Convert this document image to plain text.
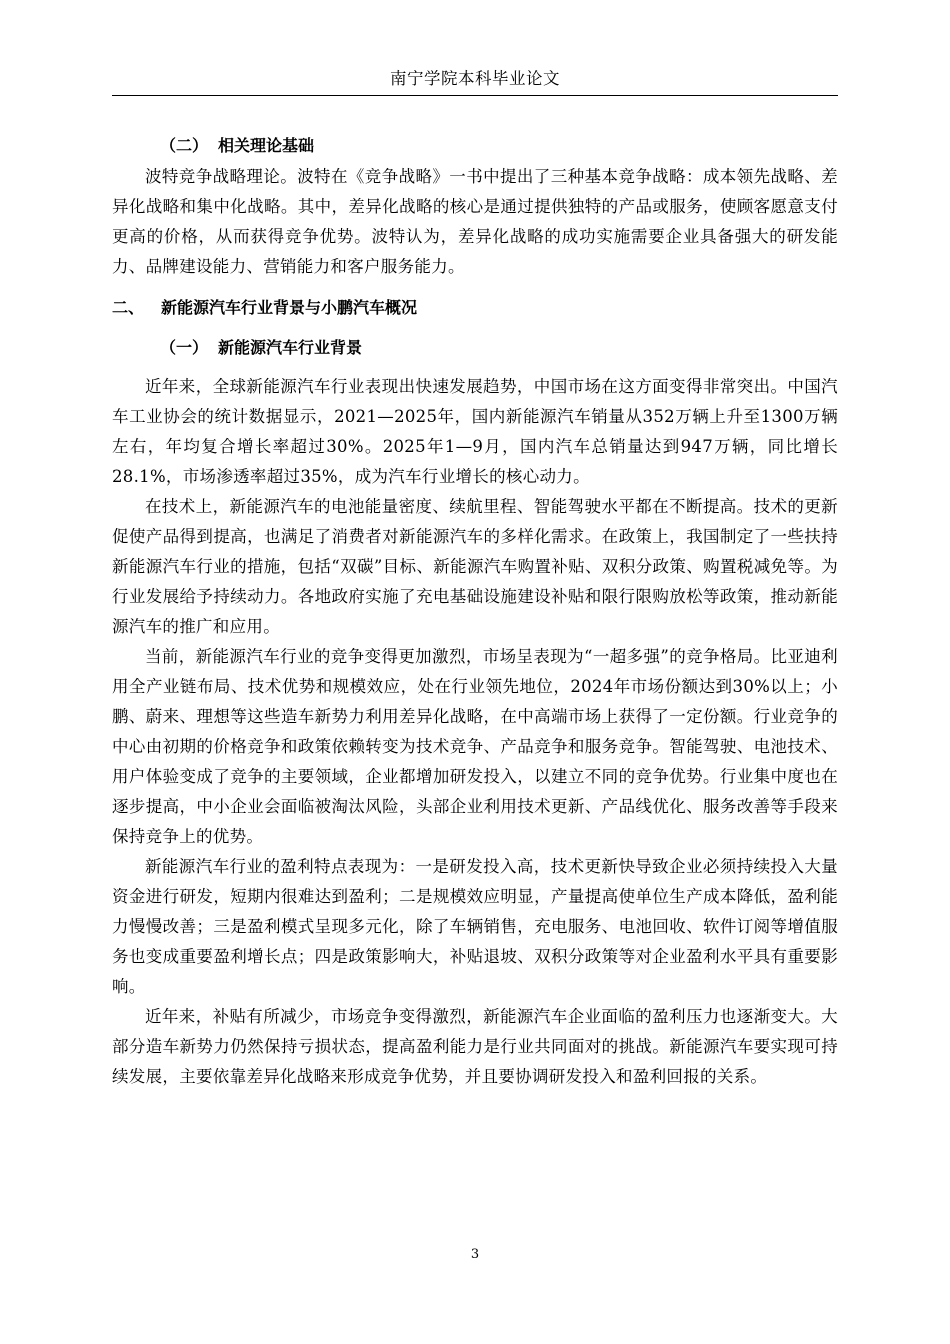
南宁学院本科毕业论文
（二） 相关理论基础

波特竞争战略理论。波特在《竞争战略》一书中提出了三种基本竞争战略：成本领先战略、差异化战略和集中化战略。其中，差异化战略的核心是通过提供独特的产品或服务，使顾客愿意支付更高的价格，从而获得竞争优势。波特认为，差异化战略的成功实施需要企业具备强大的研发能力、品牌建设能力、营销能力和客户服务能力。

二、 新能源汽车行业背景与小鹏汽车概况
（一） 新能源汽车行业背景

近年来，全球新能源汽车行业表现出快速发展趋势，中国市场在这方面变得非常突出。中国汽车工业协会的统计数据显示，2021—2025年，国内新能源汽车销量从352万辆上升至1300万辆左右，年均复合增长率超过30%。2025年1—9月，国内汽车总销量达到947万辆，同比增长28.1%，市场渗透率超过35%，成为汽车行业增长的核心动力。

在技术上，新能源汽车的电池能量密度、续航里程、智能驾驶水平都在不断提高。技术的更新促使产品得到提高，也满足了消费者对新能源汽车的多样化需求。在政策上，我国制定了一些扶持新能源汽车行业的措施，包括“双碳”目标、新能源汽车购置补贴、双积分政策、购置税减免等。为行业发展给予持续动力。各地政府实施了充电基础设施建设补贴和限行限购放松等政策，推动新能源汽车的推广和应用。

当前，新能源汽车行业的竞争变得更加激烈，市场呈表现为“一超多强”的竞争格局。比亚迪利用全产业链布局、技术优势和规模效应，处在行业领先地位，2024年市场份额达到30%以上；小鹏、蔚来、理想等这些造车新势力利用差异化战略，在中高端市场上获得了一定份额。行业竞争的中心由初期的价格竞争和政策依赖转变为技术竞争、产品竞争和服务竞争。智能驾驶、电池技术、用户体验变成了竞争的主要领域，企业都增加研发投入，以建立不同的竞争优势。行业集中度也在逐步提高，中小企业会面临被淘汰风险，头部企业利用技术更新、产品线优化、服务改善等手段来保持竞争上的优势。

新能源汽车行业的盈利特点表现为：一是研发投入高，技术更新快导致企业必须持续投入大量资金进行研发，短期内很难达到盈利；二是规模效应明显，产量提高使单位生产成本降低，盈利能力慢慢改善；三是盈利模式呈现多元化，除了车辆销售，充电服务、电池回收、软件订阅等增值服务也变成重要盈利增长点；四是政策影响大，补贴退坡、双积分政策等对企业盈利水平具有重要影响。

近年来，补贴有所减少，市场竞争变得激烈，新能源汽车企业面临的盈利压力也逐渐变大。大部分造车新势力仍然保持亏损状态，提高盈利能力是行业共同面对的挑战。新能源汽车要实现可持续发展，主要依靠差异化战略来形成竞争优势，并且要协调研发投入和盈利回报的关系。

3
